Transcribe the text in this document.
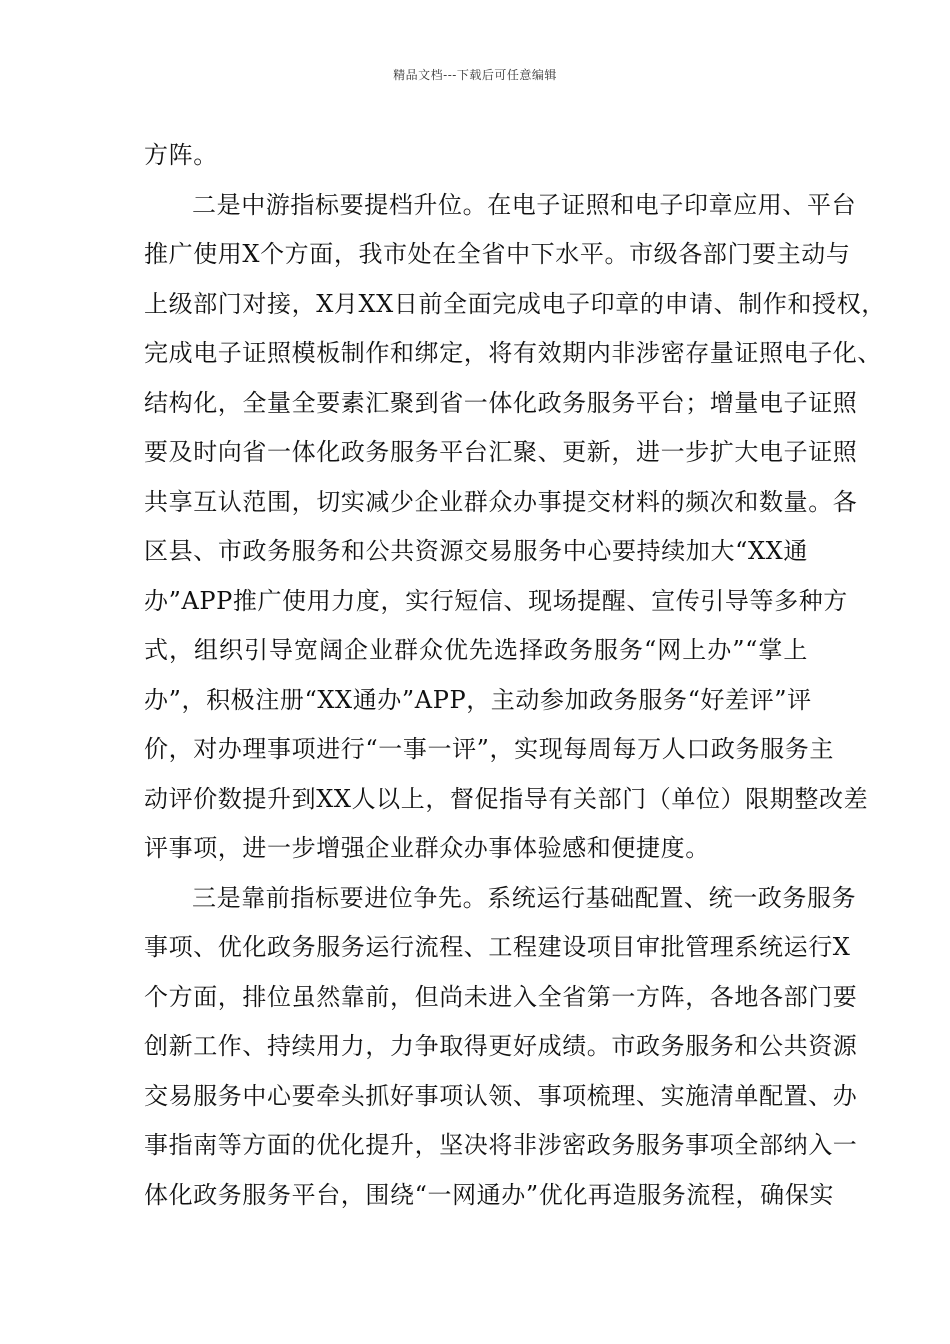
精品文档---下载后可任意编辑
方阵。
二是中游指标要提档升位。在电子证照和电子印章应用、平台
推广使用X个方面，我市处在全省中下水平。市级各部门要主动与
上级部门对接，X月XX日前全面完成电子印章的申请、制作和授权，
完成电子证照模板制作和绑定，将有效期内非涉密存量证照电子化、
结构化，全量全要素汇聚到省一体化政务服务平台；增量电子证照
要及时向省一体化政务服务平台汇聚、更新，进一步扩大电子证照
共享互认范围，切实减少企业群众办事提交材料的频次和数量。各
区县、市政务服务和公共资源交易服务中心要持续加大“XX通
办”APP推广使用力度，实行短信、现场提醒、宣传引导等多种方
式，组织引导宽阔企业群众优先选择政务服务“网上办”“掌上
办”，积极注册“XX通办”APP，主动参加政务服务“好差评”评
价，对办理事项进行“一事一评”，实现每周每万人口政务服务主
动评价数提升到XX人以上，督促指导有关部门（单位）限期整改差
评事项，进一步增强企业群众办事体验感和便捷度。
三是靠前指标要进位争先。系统运行基础配置、统一政务服务
事项、优化政务服务运行流程、工程建设项目审批管理系统运行X
个方面，排位虽然靠前，但尚未进入全省第一方阵，各地各部门要
创新工作、持续用力，力争取得更好成绩。市政务服务和公共资源
交易服务中心要牵头抓好事项认领、事项梳理、实施清单配置、办
事指南等方面的优化提升，坚决将非涉密政务服务事项全部纳入一
体化政务服务平台，围绕“一网通办”优化再造服务流程，确保实
